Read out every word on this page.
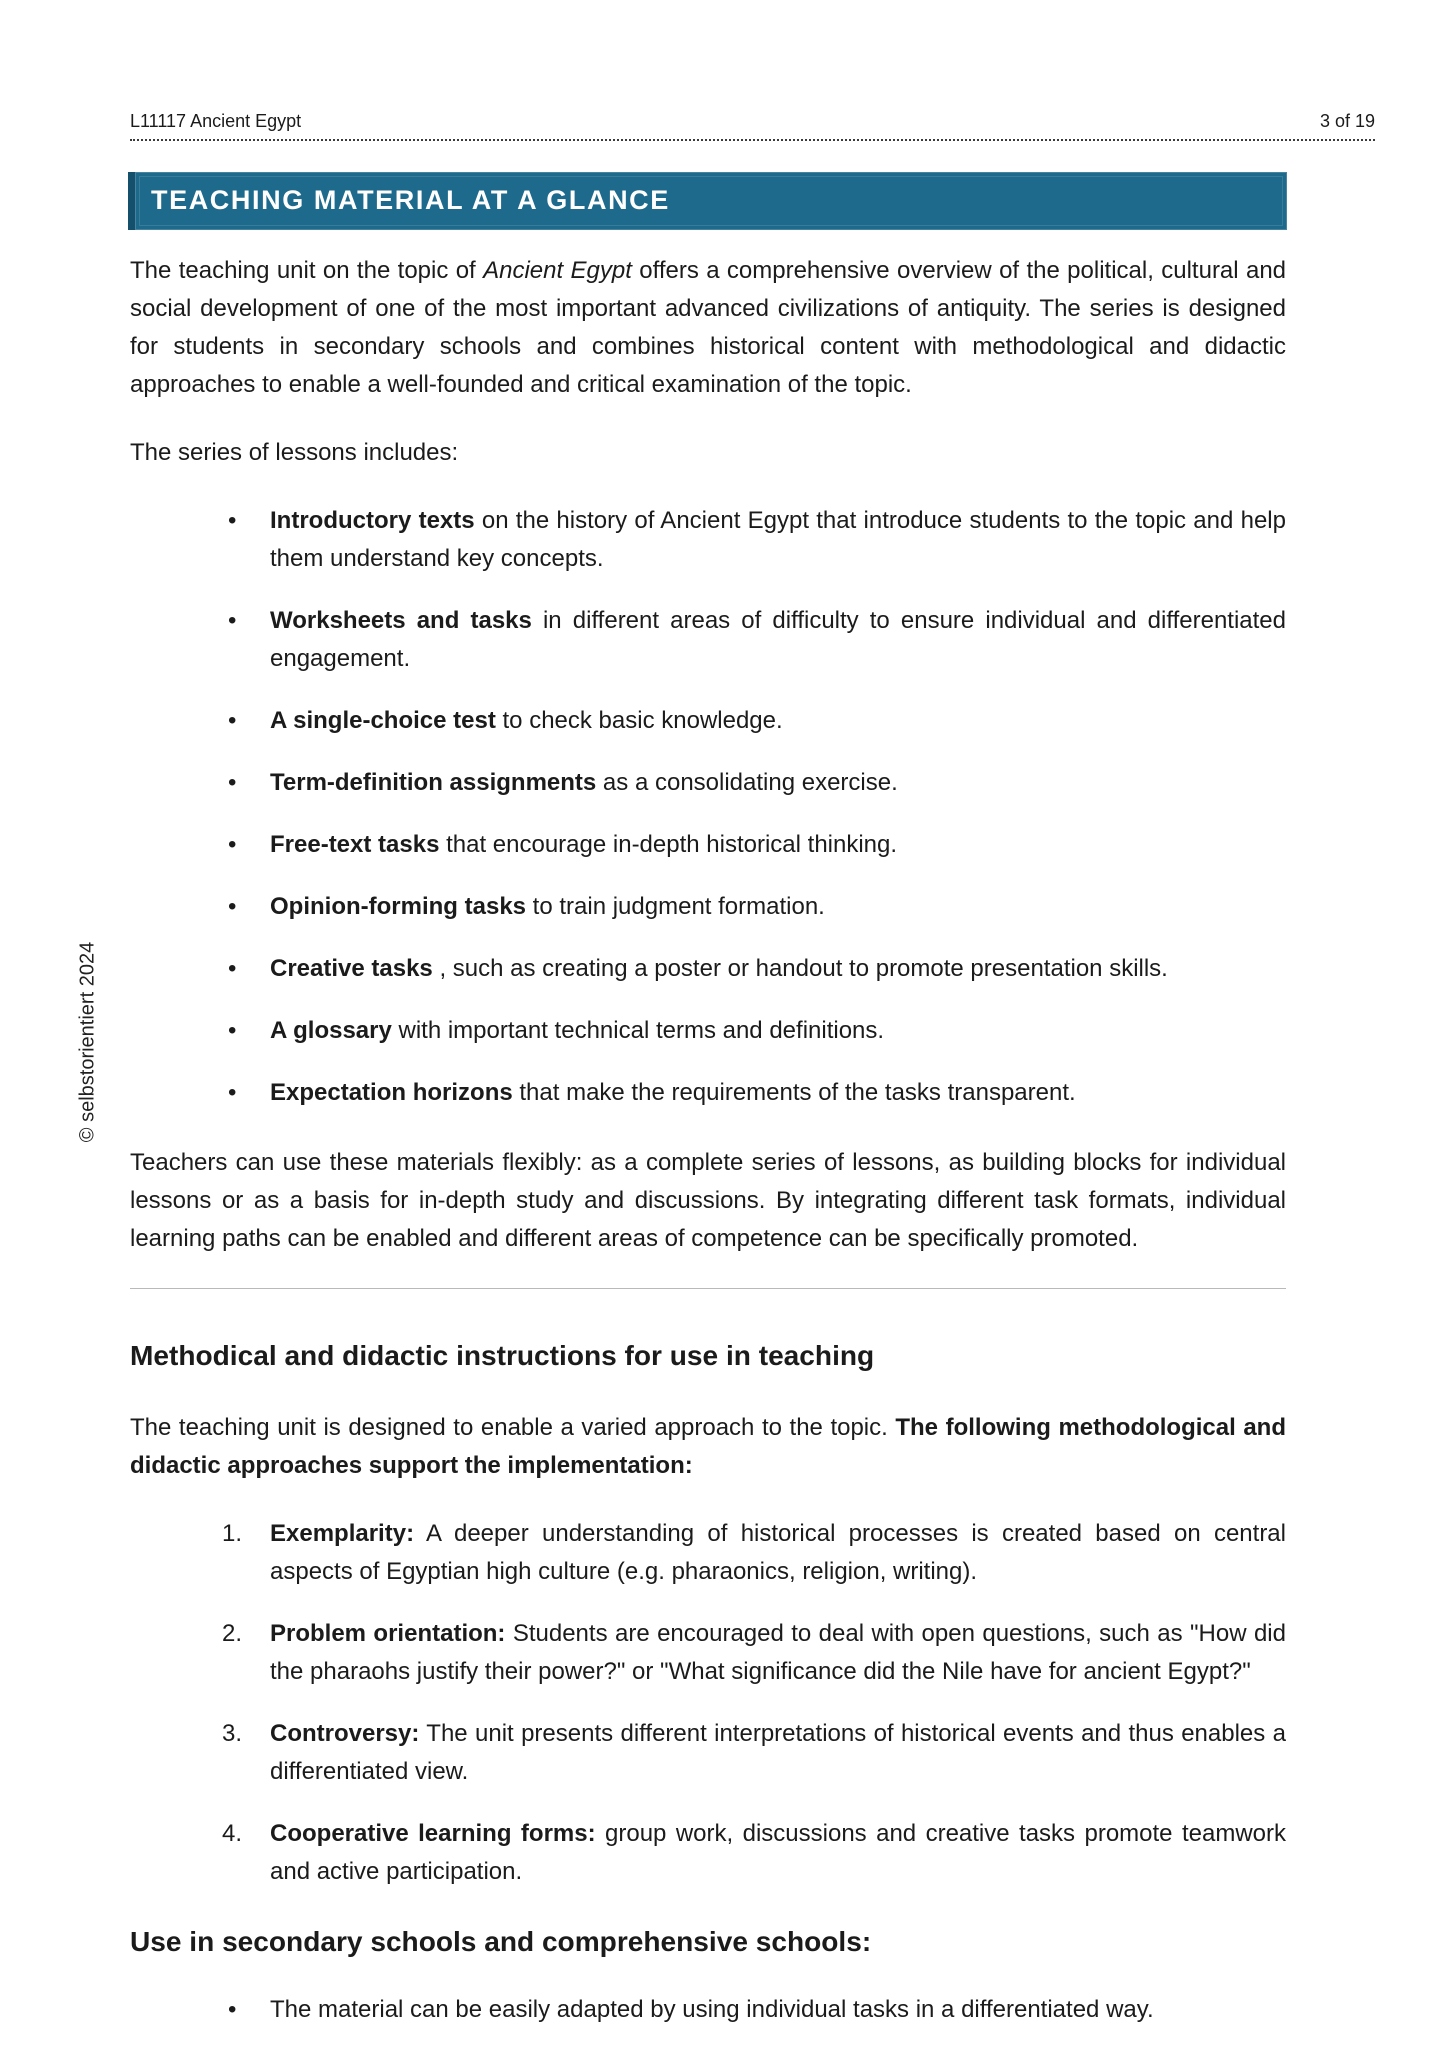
L11117 Ancient Egypt	3 of 19
TEACHING MATERIAL AT A GLANCE
© selbstorientiert 2024

The teaching unit on the topic of Ancient Egypt offers a comprehensive overview of the political, cultural and social development of one of the most important advanced civilizations of antiquity. The series is designed for students in secondary schools and combines historical content with methodological and didactic approaches to enable a well-founded and critical examination of the topic.

The series of lessons includes:

• Introductory texts on the history of Ancient Egypt that introduce students to the topic and help them understand key concepts.
• Worksheets and tasks in different areas of difficulty to ensure individual and differentiated engagement.
• A single-choice test to check basic knowledge.
• Term-definition assignments as a consolidating exercise.
• Free-text tasks that encourage in-depth historical thinking.
• Opinion-forming tasks to train judgment formation.
• Creative tasks , such as creating a poster or handout to promote presentation skills.
• A glossary with important technical terms and definitions.
• Expectation horizons that make the requirements of the tasks transparent.

Teachers can use these materials flexibly: as a complete series of lessons, as building blocks for individual lessons or as a basis for in-depth study and discussions. By integrating different task formats, individual learning paths can be enabled and different areas of competence can be specifically promoted.

Methodical and didactic instructions for use in teaching

The teaching unit is designed to enable a varied approach to the topic. The following methodological and didactic approaches support the implementation:

1. Exemplarity: A deeper understanding of historical processes is created based on central aspects of Egyptian high culture (e.g. pharaonics, religion, writing).
2. Problem orientation: Students are encouraged to deal with open questions, such as "How did the pharaohs justify their power?" or "What significance did the Nile have for ancient Egypt?"
3. Controversy: The unit presents different interpretations of historical events and thus enables a differentiated view.
4. Cooperative learning forms: group work, discussions and creative tasks promote teamwork and active participation.
Use in secondary schools and comprehensive schools:
• The material can be easily adapted by using individual tasks in a differentiated way.
